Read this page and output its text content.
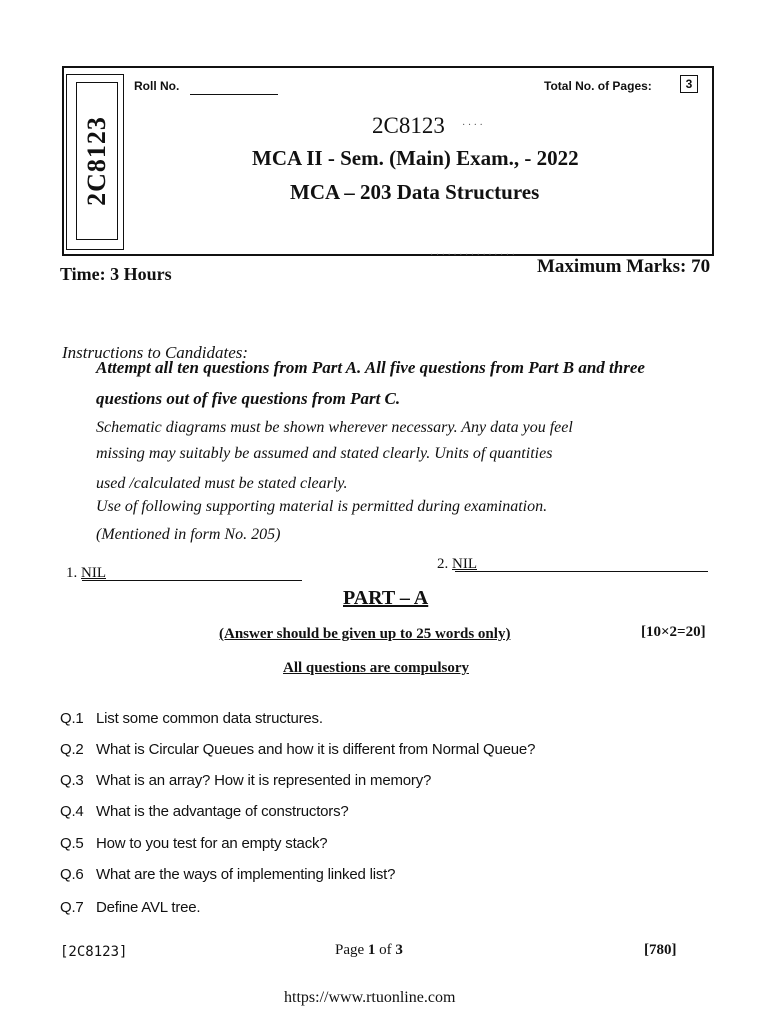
2C8123
Roll No.	Total No. of Pages:	3
2C8123 · · · ·
MCA II - Sem. (Main) Exam., - 2022
MCA – 203 Data Structures
· · · · · · · · · · · · · · ·
Time: 3 Hours	Maximum Marks: 70
Instructions to Candidates:
Attempt all ten questions from Part A. All five questions from Part B and three
questions out of five questions from Part C.
Schematic diagrams must be shown wherever necessary. Any data you feel
missing may suitably be assumed and stated clearly. Units of quantities
used /calculated must be stated clearly.
Use of following supporting material is permitted during examination.
(Mentioned in form No. 205)
1. NIL
2. NIL
PART – A
(Answer should be given up to 25 words only)	[10×2=20]
All questions are compulsory
Q.1 List some common data structures.
Q.2 What is Circular Queues and how it is different from Normal Queue?
Q.3 What is an array? How it is represented in memory?
Q.4 What is the advantage of constructors?
Q.5 How to you test for an empty stack?
Q.6 What are the ways of implementing linked list?
Q.7 Define AVL tree.
[2C8123]	Page 1 of 3	[780]
https://www.rtuonline.com
